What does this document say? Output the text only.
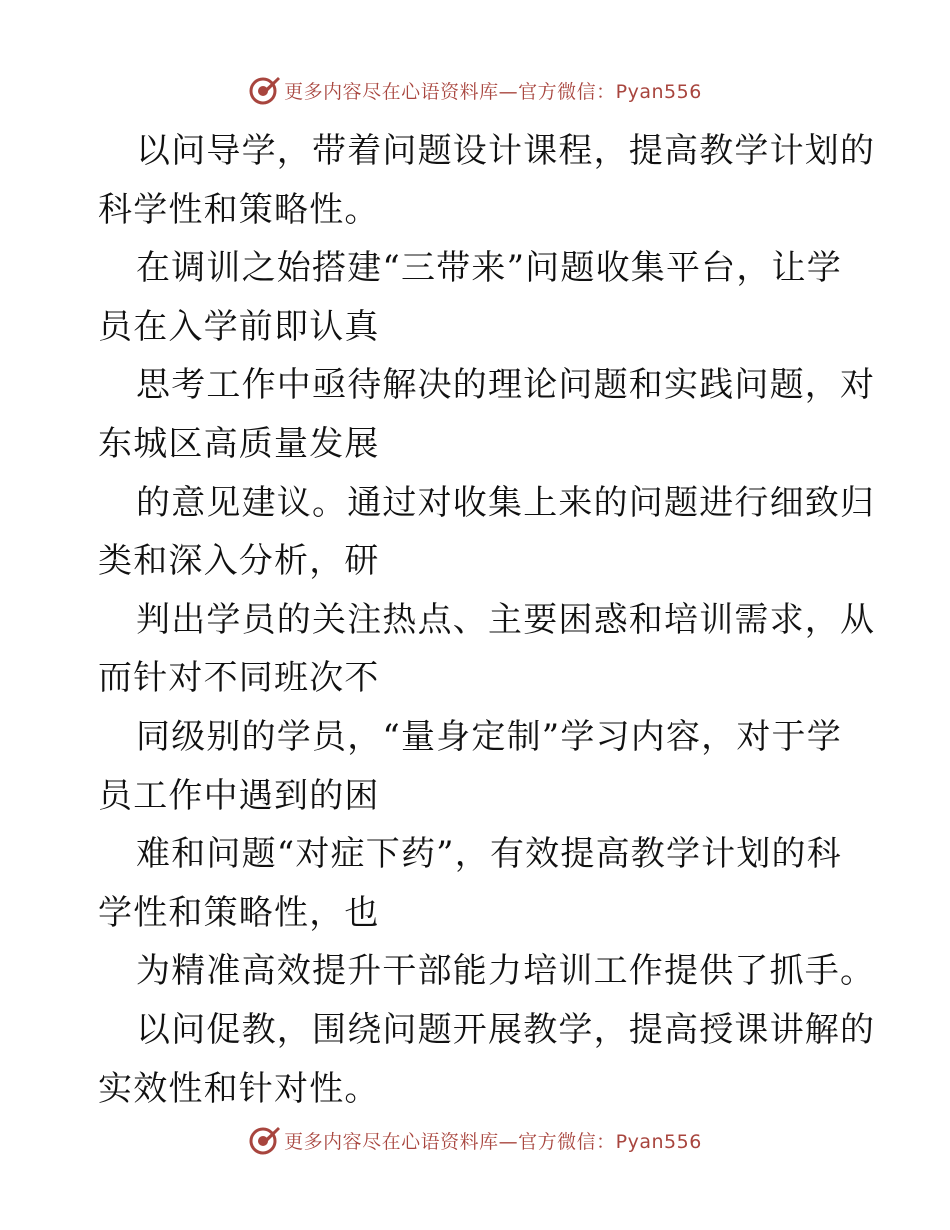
更多内容尽在心语资料库—官方微信：Pyan556

以问导学，带着问题设计课程，提高教学计划的
科学性和策略性。

在调训之始搭建“三带来”问题收集平台，让学
员在入学前即认真

思考工作中亟待解决的理论问题和实践问题，对
东城区高质量发展

的意见建议。通过对收集上来的问题进行细致归
类和深入分析，研

判出学员的关注热点、主要困惑和培训需求，从
而针对不同班次不

同级别的学员，“量身定制”学习内容，对于学
员工作中遇到的困

难和问题“对症下药”，有效提高教学计划的科
学性和策略性，也

为精准高效提升干部能力培训工作提供了抓手。

以问促教，围绕问题开展教学，提高授课讲解的
实效性和针对性。

更多内容尽在心语资料库—官方微信：Pyan556
